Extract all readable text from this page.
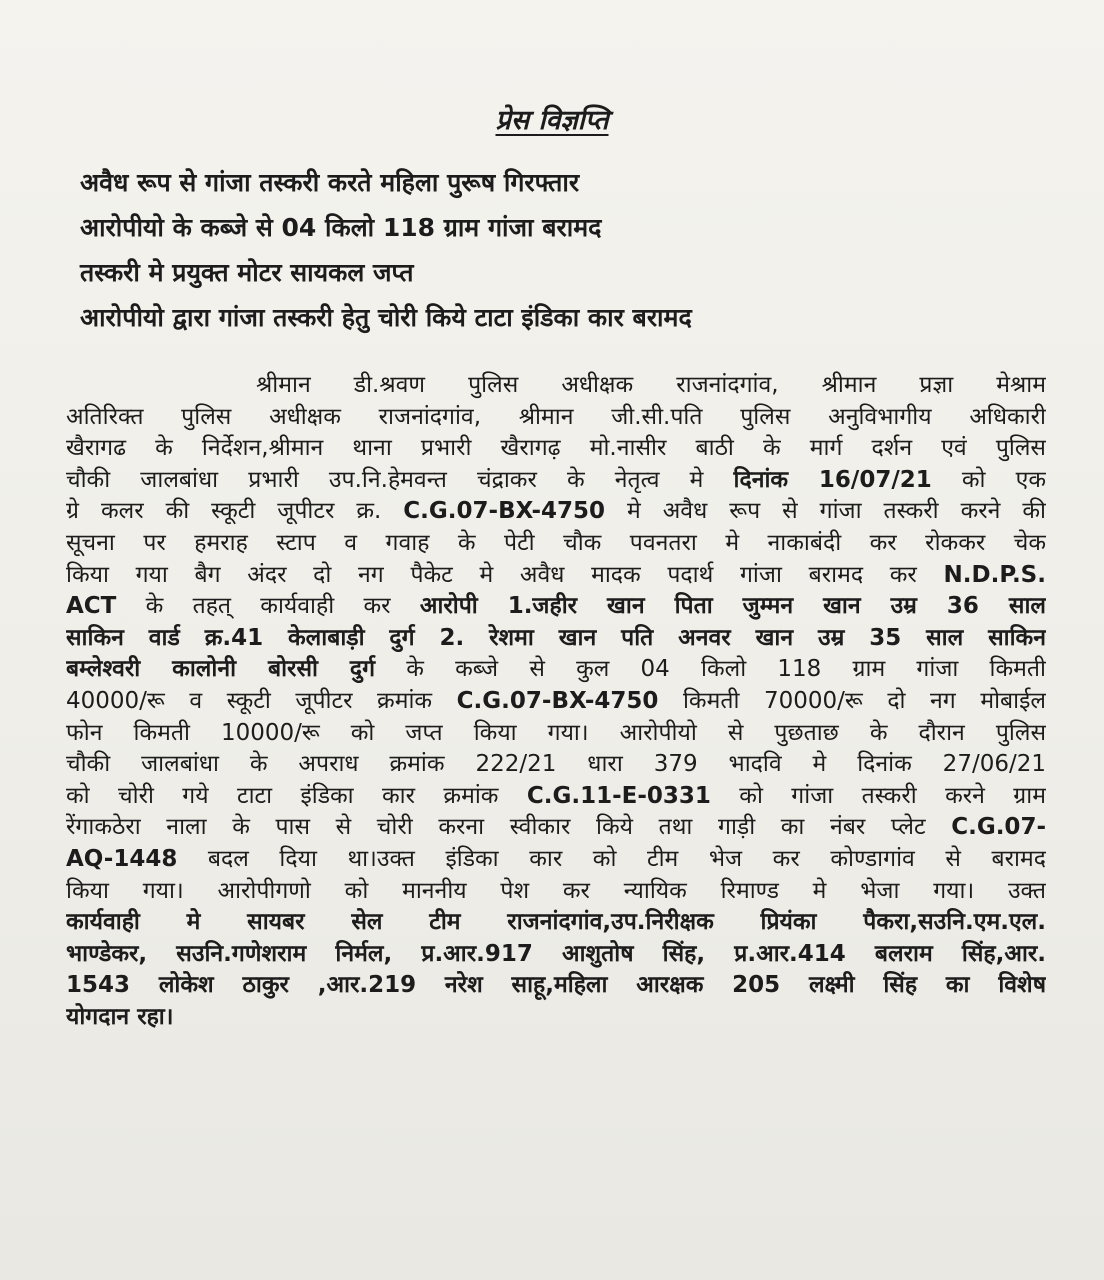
प्रेस विज्ञप्ति
अवैध रूप से गांजा तस्करी करते महिला पुरूष गिरफ्तार
आरोपीयो के कब्जे से 04 किलो 118 ग्राम गांजा बरामद
तस्करी मे प्रयुक्त मोटर सायकल जप्त
आरोपीयो द्वारा गांजा तस्करी हेतु चोरी किये टाटा इंडिका कार बरामद
श्रीमान डी.श्रवण पुलिस अधीक्षक राजनांदगांव, श्रीमान प्रज्ञा मेश्राम
अतिरिक्त पुलिस अधीक्षक राजनांदगांव, श्रीमान जी.सी.पति पुलिस अनुविभागीय अधिकारी
खैरागढ के निर्देशन,श्रीमान थाना प्रभारी खैरागढ़ मो.नासीर बाठी के मार्ग दर्शन एवं पुलिस
चौकी जालबांधा प्रभारी उप.नि.हेमवन्त चंद्राकर के नेतृत्व मे दिनांक 16/07/21 को एक
ग्रे कलर की स्कूटी जूपीटर क्र. C.G.07-BX-4750 मे अवैध रूप से गांजा तस्करी करने की
सूचना पर हमराह स्टाप व गवाह के पेटी चौक पवनतरा मे नाकाबंदी कर रोककर चेक
किया गया बैग अंदर दो नग पैकेट मे अवैध मादक पदार्थ गांजा बरामद कर N.D.P.S.
ACT के तहत् कार्यवाही कर आरोपी 1.जहीर खान पिता जुम्मन खान उम्र 36 साल
साकिन वार्ड क्र.41 केलाबाड़ी दुर्ग 2. रेशमा खान पति अनवर खान उम्र 35 साल साकिन
बम्लेश्वरी कालोनी बोरसी दुर्ग के कब्जे से कुल 04 किलो 118 ग्राम गांजा किमती
40000/रू व स्कूटी जूपीटर क्रमांक C.G.07-BX-4750 किमती 70000/रू दो नग मोबाईल
फोन किमती 10000/रू को जप्त किया गया। आरोपीयो से पुछताछ के दौरान पुलिस
चौकी जालबांधा के अपराध क्रमांक 222/21 धारा 379 भादवि मे दिनांक 27/06/21
को चोरी गये टाटा इंडिका कार क्रमांक C.G.11-E-0331 को गांजा तस्करी करने ग्राम
रेंगाकठेरा नाला के पास से चोरी करना स्वीकार किये तथा गाड़ी का नंबर प्लेट C.G.07-
AQ-1448 बदल दिया था।उक्त इंडिका कार को टीम भेज कर कोण्डागांव से बरामद
किया गया। आरोपीगणो को माननीय पेश कर न्यायिक रिमाण्ड मे भेजा गया। उक्त
कार्यवाही मे सायबर सेल टीम राजनांदगांव,उप.निरीक्षक प्रियंका पैकरा,सउनि.एम.एल.
भाण्डेकर, सउनि.गणेशराम निर्मल, प्र.आर.917 आशुतोष सिंह, प्र.आर.414 बलराम सिंह,आर.
1543 लोकेश ठाकुर ,आर.219 नरेश साहू,महिला आरक्षक 205 लक्ष्मी सिंह का विशेष
योगदान रहा।
